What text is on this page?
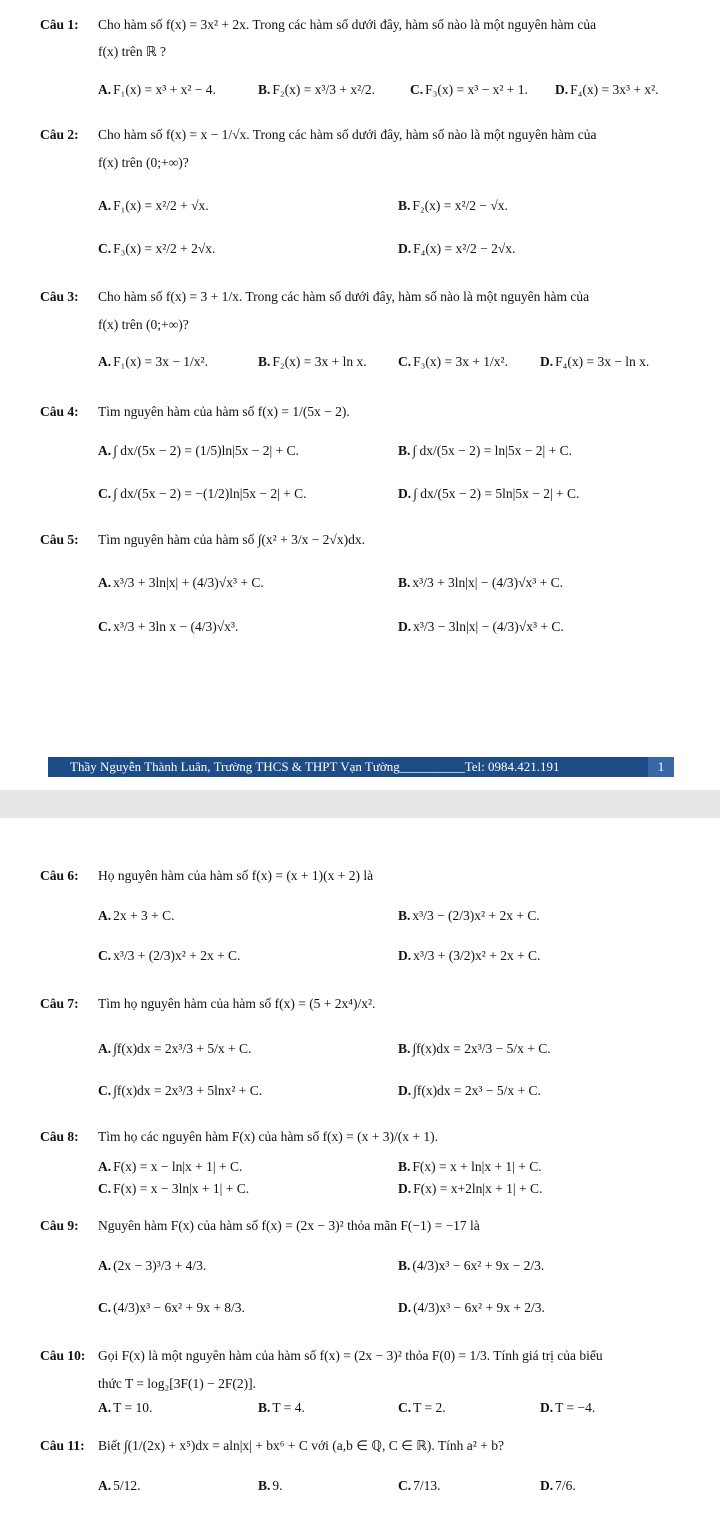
Câu 1: Cho hàm số f(x) = 3x² + 2x. Trong các hàm số dưới đây, hàm số nào là một nguyên hàm của
f(x) trên ℝ ?
A. F₁(x) = x³ + x² − 4.	B. F₂(x) = x³/3 + x²/2.	C. F₃(x) = x³ − x² + 1. D. F₄(x) = 3x³ + x².
Câu 2: Cho hàm số f(x) = x − 1/√x. Trong các hàm số dưới đây, hàm số nào là một nguyên hàm của
f(x) trên (0;+∞)?
A. F₁(x) = x²/2 + √x.	B. F₂(x) = x²/2 − √x.
C. F₃(x) = x²/2 + 2√x.	D. F₄(x) = x²/2 − 2√x.
Câu 3: Cho hàm số f(x) = 3 + 1/x. Trong các hàm số dưới đây, hàm số nào là một nguyên hàm của
f(x) trên (0;+∞)?
A. F₁(x) = 3x − 1/x².	B. F₂(x) = 3x + ln x. C. F₃(x) = 3x + 1/x². D. F₄(x) = 3x − ln x.
Câu 4: Tìm nguyên hàm của hàm số f(x) = 1/(5x − 2).
A. ∫ dx/(5x − 2) = (1/5)ln|5x − 2| + C.	B. ∫ dx/(5x − 2) = ln|5x − 2| + C.
C. ∫ dx/(5x − 2) = −(1/2)ln|5x − 2| + C.	D. ∫ dx/(5x − 2) = 5ln|5x − 2| + C.
Câu 5: Tìm nguyên hàm của hàm số ∫(x² + 3/x − 2√x)dx.
A. x³/3 + 3ln|x| + (4/3)√x³ + C.	B. x³/3 + 3ln|x| − (4/3)√x³ + C.
C. x³/3 + 3ln x − (4/3)√x³.	D. x³/3 − 3ln|x| − (4/3)√x³ + C.
Thầy Nguyễn Thành Luân, Trường THCS & THPT Vạn Tường__________Tel: 0984.421.191	1
Câu 6: Họ nguyên hàm của hàm số f(x) = (x + 1)(x + 2) là
A. 2x + 3 + C.	B. x³/3 − (2/3)x² + 2x + C.
C. x³/3 + (2/3)x² + 2x + C.	D. x³/3 + (3/2)x² + 2x + C.
Câu 7: Tìm họ nguyên hàm của hàm số f(x) = (5 + 2x⁴)/x².
A. ∫f(x)dx = 2x³/3 + 5/x + C.	B. ∫f(x)dx = 2x³/3 − 5/x + C.
C. ∫f(x)dx = 2x³/3 + 5lnx² + C.	D. ∫f(x)dx = 2x³ − 5/x + C.
Câu 8: Tìm họ các nguyên hàm F(x) của hàm số f(x) = (x + 3)/(x + 1).
A. F(x) = x − ln|x + 1| + C.	B. F(x) = x + ln|x + 1| + C.
C. F(x) = x − 3ln|x + 1| + C.	D. F(x) = x+2ln|x + 1| + C.
Câu 9: Nguyên hàm F(x) của hàm số f(x) = (2x − 3)² thỏa mãn F(−1) = −17 là
A. (2x − 3)³/3 + 4/3.	B. (4/3)x³ − 6x² + 9x − 2/3.
C. (4/3)x³ − 6x² + 9x + 8/3.	D. (4/3)x³ − 6x² + 9x + 2/3.
Câu 10: Gọi F(x) là một nguyên hàm của hàm số f(x) = (2x − 3)² thỏa F(0) = 1/3. Tính giá trị của biểu
thức T = log₂[3F(1) − 2F(2)].
A. T = 10.	B. T = 4.	C. T = 2.	D. T = −4.
Câu 11: Biết ∫(1/(2x) + x⁵)dx = aln|x| + bx⁶ + C với (a,b ∈ ℚ, C ∈ ℝ). Tính a² + b?
A. 5/12.	B. 9.	C. 7/13.	D. 7/6.
